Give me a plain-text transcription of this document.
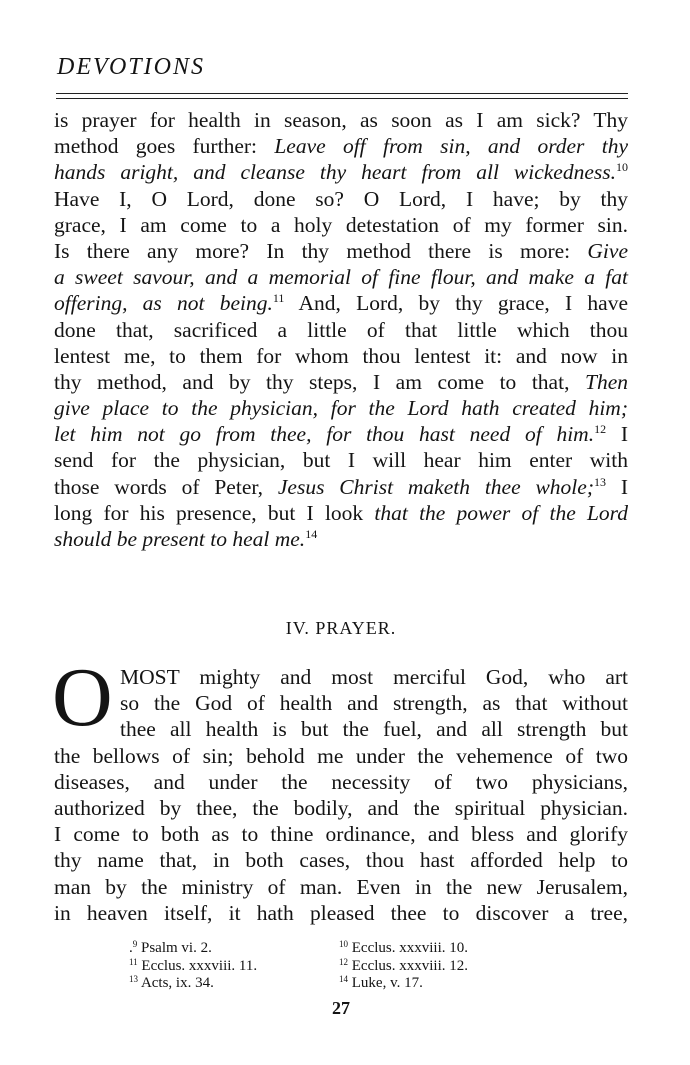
DEVOTIONS
is prayer for health in season, as soon as I am sick? Thy
method goes further: Leave off from sin, and order thy
hands aright, and cleanse thy heart from all wickedness.$^{10}$
Have I, O Lord, done so? O Lord, I have; by thy
grace, I am come to a holy detestation of my former sin.
Is there any more? In thy method there is more: Give
a sweet savour, and a memorial of fine flour, and make a fat
offering, as not being.$^{11}$ And, Lord, by thy grace, I have
done that, sacrificed a little of that little which thou
lentest me, to them for whom thou lentest it: and now in
thy method, and by thy steps, I am come to that, Then
give place to the physician, for the Lord hath created him;
let him not go from thee, for thou hast need of him.$^{12}$ I
send for the physician, but I will hear him enter with
those words of Peter, Jesus Christ maketh thee whole;$^{13}$ I
long for his presence, but I look that the power of the Lord
should be present to heal me.$^{14}$
IV. PRAYER.
O MOST mighty and most merciful God, who art
so the God of health and strength, as that without
thee all health is but the fuel, and all strength but
the bellows of sin; behold me under the vehemence of two
diseases, and under the necessity of two physicians,
authorized by thee, the bodily, and the spiritual physician.
I come to both as to thine ordinance, and bless and glorify
thy name that, in both cases, thou hast afforded help to
man by the ministry of man. Even in the new Jerusalem,
in heaven itself, it hath pleased thee to discover a tree,
.$^9$ Psalm vi. 2.	$^{10}$ Ecclus. xxxviii. 10.
$^{11}$ Ecclus. xxxviii. 11.	$^{12}$ Ecclus. xxxviii. 12.
$^{13}$ Acts, ix. 34.	$^{14}$ Luke, v. 17.
27
